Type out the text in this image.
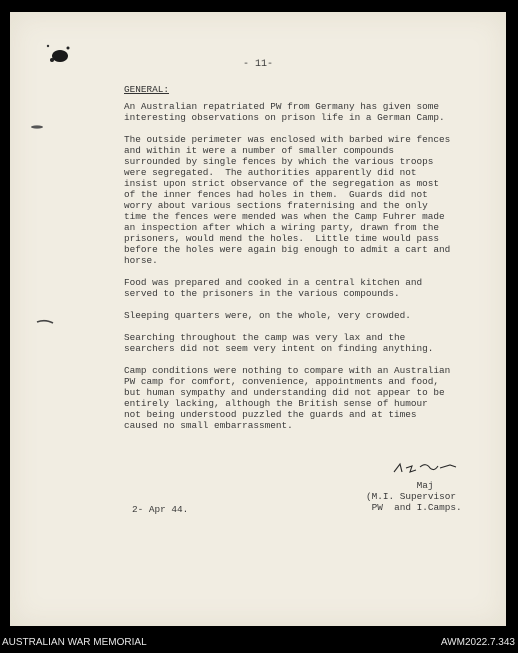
- 11-
GENERAL:

An Australian repatriated PW from Germany has given some
interesting observations on prison life in a German Camp.

The outside perimeter was enclosed with barbed wire fences
and within it were a number of smaller compounds
surrounded by single fences by which the various troops
were segregated.  The authorities apparently did not
insist upon strict observance of the segregation as most
of the inner fences had holes in them.  Guards did not
worry about various sections fraternising and the only
time the fences were mended was when the Camp Fuhrer made
an inspection after which a wiring party, drawn from the
prisoners, would mend the holes.  Little time would pass
before the holes were again big enough to admit a cart and
horse.

Food was prepared and cooked in a central kitchen and
served to the prisoners in the various compounds.

Sleeping quarters were, on the whole, very crowded.

Searching throughout the camp was very lax and the
searchers did not seem very intent on finding anything.

Camp conditions were nothing to compare with an Australian
PW camp for comfort, convenience, appointments and food,
but human sympathy and understanding did not appear to be
entirely lacking, although the British sense of humour
not being understood puzzled the guards and at times
caused no small embarrassment.

Maj
(M.I. Supervisor
PW  and I.Camps.
2- Apr 44.
AUSTRALIAN WAR MEMORIAL	AWM2022.7.343
